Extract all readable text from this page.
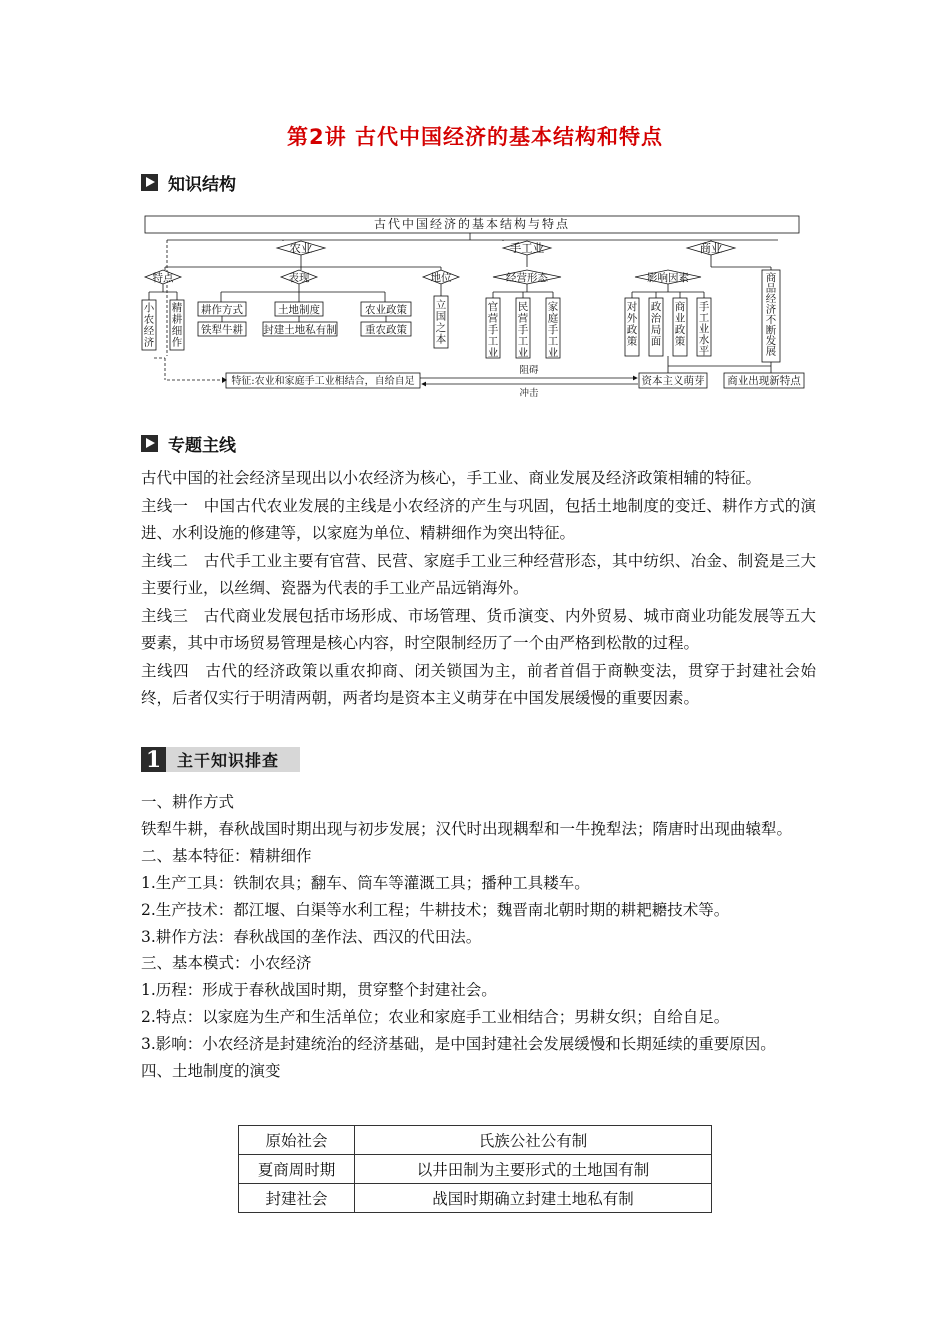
第2讲 古代中国经济的基本结构和特点
知识结构
古代中国经济的基本结构与特点
农业	手工业	商业
特点	表现	地位	经营形态	影响因素
耕作方式
铁犁牛耕
土地制度
封建土地私有制
农业政策
重农政策
特征:农业和家庭手工业相结合，自给自足
阻碍
冲击
资本主义萌芽 商业出现新特点
小农经济
精耕细作
立国之本
官营手工业
民营手工业
家庭手工业
对外政策
政治局面
商业政策
手工业水平
商品经济不断发展
专题主线

古代中国的社会经济呈现出以小农经济为核心，手工业、商业发展及经济政策相辅的特征。

主线一　中国古代农业发展的主线是小农经济的产生与巩固，包括土地制度的变迁、耕作方式的演进、水利设施的修建等，以家庭为单位、精耕细作为突出特征。

主线二　古代手工业主要有官营、民营、家庭手工业三种经营形态，其中纺织、冶金、制瓷是三大主要行业，以丝绸、瓷器为代表的手工业产品远销海外。

主线三　古代商业发展包括市场形成、市场管理、货币演变、内外贸易、城市商业功能发展等五大要素，其中市场贸易管理是核心内容，时空限制经历了一个由严格到松散的过程。

主线四　古代的经济政策以重农抑商、闭关锁国为主，前者首倡于商鞅变法，贯穿于封建社会始终，后者仅实行于明清两朝，两者均是资本主义萌芽在中国发展缓慢的重要因素。

1 主干知识排查

一、耕作方式

铁犁牛耕，春秋战国时期出现与初步发展；汉代时出现耦犁和一牛挽犁法；隋唐时出现曲辕犁。

二、基本特征：精耕细作

1.生产工具：铁制农具；翻车、筒车等灌溉工具；播种工具耧车。

2.生产技术：都江堰、白渠等水利工程；牛耕技术；魏晋南北朝时期的耕耙耱技术等。

3.耕作方法：春秋战国的垄作法、西汉的代田法。

三、基本模式：小农经济

1.历程：形成于春秋战国时期，贯穿整个封建社会。

2.特点：以家庭为生产和生活单位；农业和家庭手工业相结合；男耕女织；自给自足。

3.影响：小农经济是封建统治的经济基础，是中国封建社会发展缓慢和长期延续的重要原因。

四、土地制度的演变

原始社会	氏族公社公有制
夏商周时期	以井田制为主要形式的土地国有制
封建社会	战国时期确立封建土地私有制
